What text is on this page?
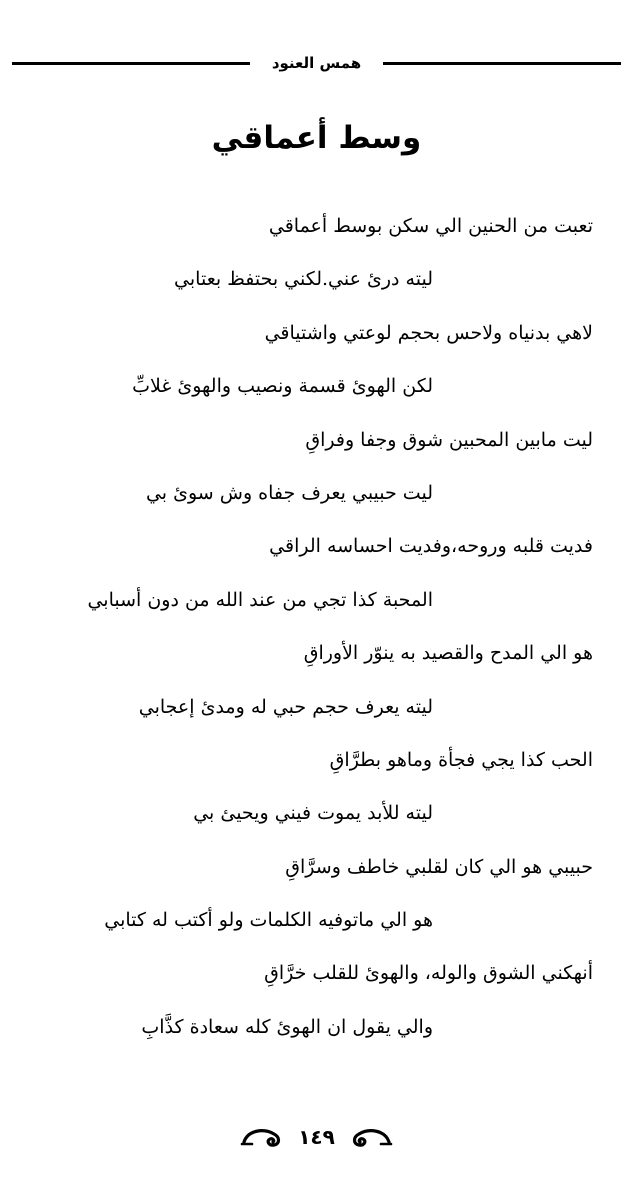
همس العنود
وسط أعماقي
تعبت من الحنين الي سكن بوسط أعماقي
ليته درئ عني.لكني بحتفظ بعتابي
لاهي بدنياه ولاحس بحجم لوعتي واشتياقي
لكن الهوئ قسمة ونصيب والهوئ غلابِّ
ليت مابين المحبين شوق وجفا وفراقِ
ليت حبيبي يعرف جفاه وش سوئ بي
فديت قلبه وروحه،وفديت احساسه الراقي
المحبة كذا تجي من عند الله من دون أسبابي
هو الي المدح والقصيد به ينوّر الأوراقِ
ليته يعرف حجم حبي له ومدئ إعجابي
الحب كذا يجي فجأة وماهو بطرَّاقِ
ليته للأبد يموت فيني ويحيئ بي
حبيبي هو الي كان لقلبي خاطف وسرَّاقِ
هو الي ماتوفيه الكلمات ولو أكتب له كتابي
أنهكني الشوق والوله، والهوئ للقلب خرَّاقِ
والي يقول ان الهوئ كله سعادة كذَّابِ
١٤٩
